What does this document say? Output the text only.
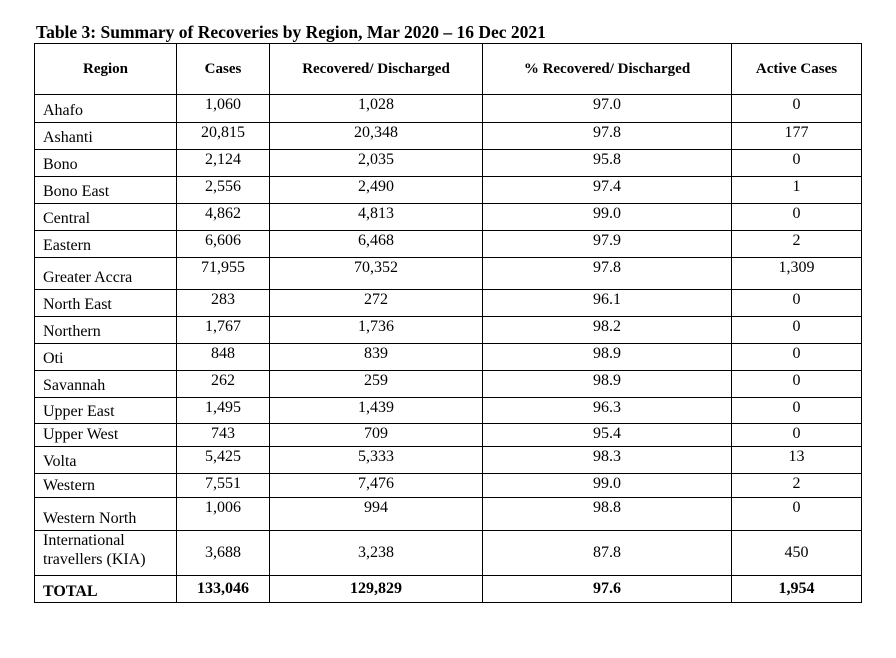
Table 3: Summary of Recoveries by Region, Mar 2020 – 16 Dec 2021
Region	Cases	Recovered/ Discharged	% Recovered/ Discharged	Active Cases
Ahafo	1,060	1,028	97.0	0
Ashanti	20,815	20,348	97.8	177
Bono	2,124	2,035	95.8	0
Bono East	2,556	2,490	97.4	1
Central	4,862	4,813	99.0	0
Eastern	6,606	6,468	97.9	2
Greater Accra	71,955	70,352	97.8	1,309
North East	283	272	96.1	0
Northern	1,767	1,736	98.2	0
Oti	848	839	98.9	0
Savannah	262	259	98.9	0
Upper East	1,495	1,439	96.3	0
Upper West	743	709	95.4	0
Volta	5,425	5,333	98.3	13
Western	7,551	7,476	99.0	2
Western North	1,006	994	98.8	0
International travellers (KIA)	3,688	3,238	87.8	450
TOTAL	133,046	129,829	97.6	1,954
